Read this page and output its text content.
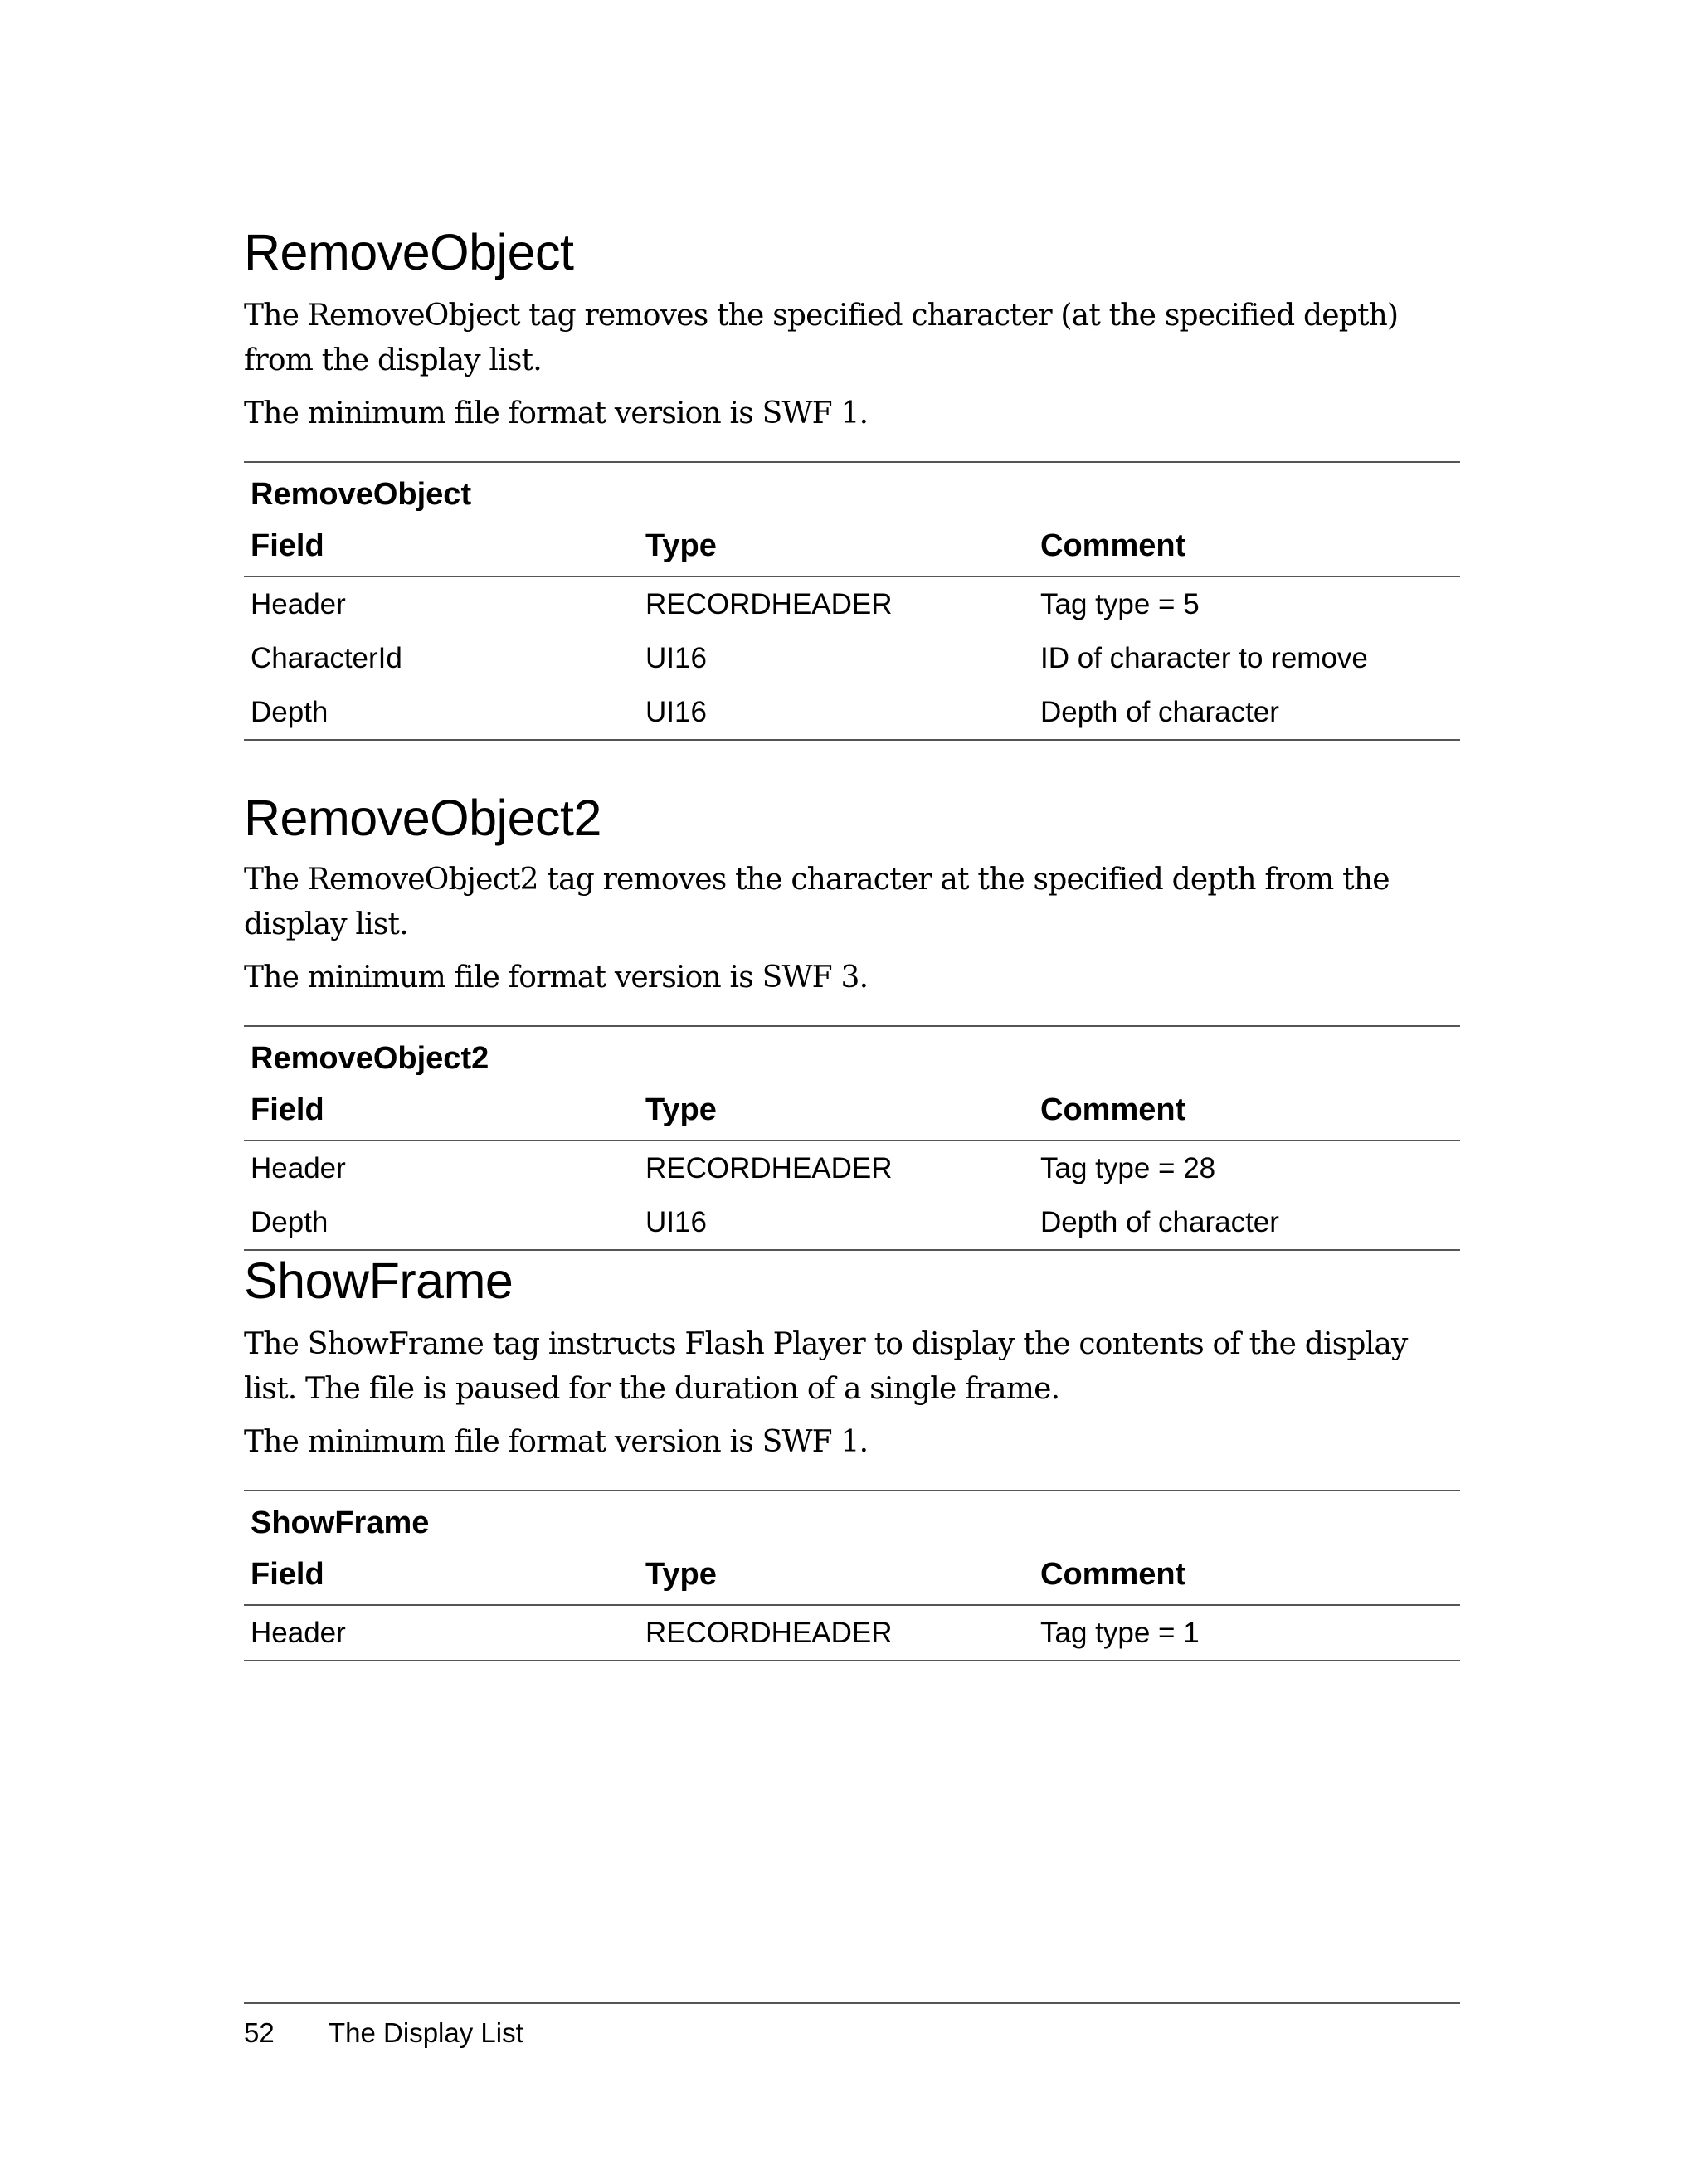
RemoveObject

The RemoveObject tag removes the specified character (at the specified depth) from the display list.

The minimum file format version is SWF 1.

RemoveObject		
Field	Type	Comment
Header	RECORDHEADER	Tag type = 5
CharacterId	UI16	ID of character to remove
Depth	UI16	Depth of character
RemoveObject2

The RemoveObject2 tag removes the character at the specified depth from the display list.

The minimum file format version is SWF 3.

RemoveObject2		
Field	Type	Comment
Header	RECORDHEADER	Tag type = 28
Depth	UI16	Depth of character
ShowFrame

The ShowFrame tag instructs Flash Player to display the contents of the display list. The file is paused for the duration of a single frame.

The minimum file format version is SWF 1.

ShowFrame		
Field	Type	Comment
Header	RECORDHEADER	Tag type = 1
52	The Display List
